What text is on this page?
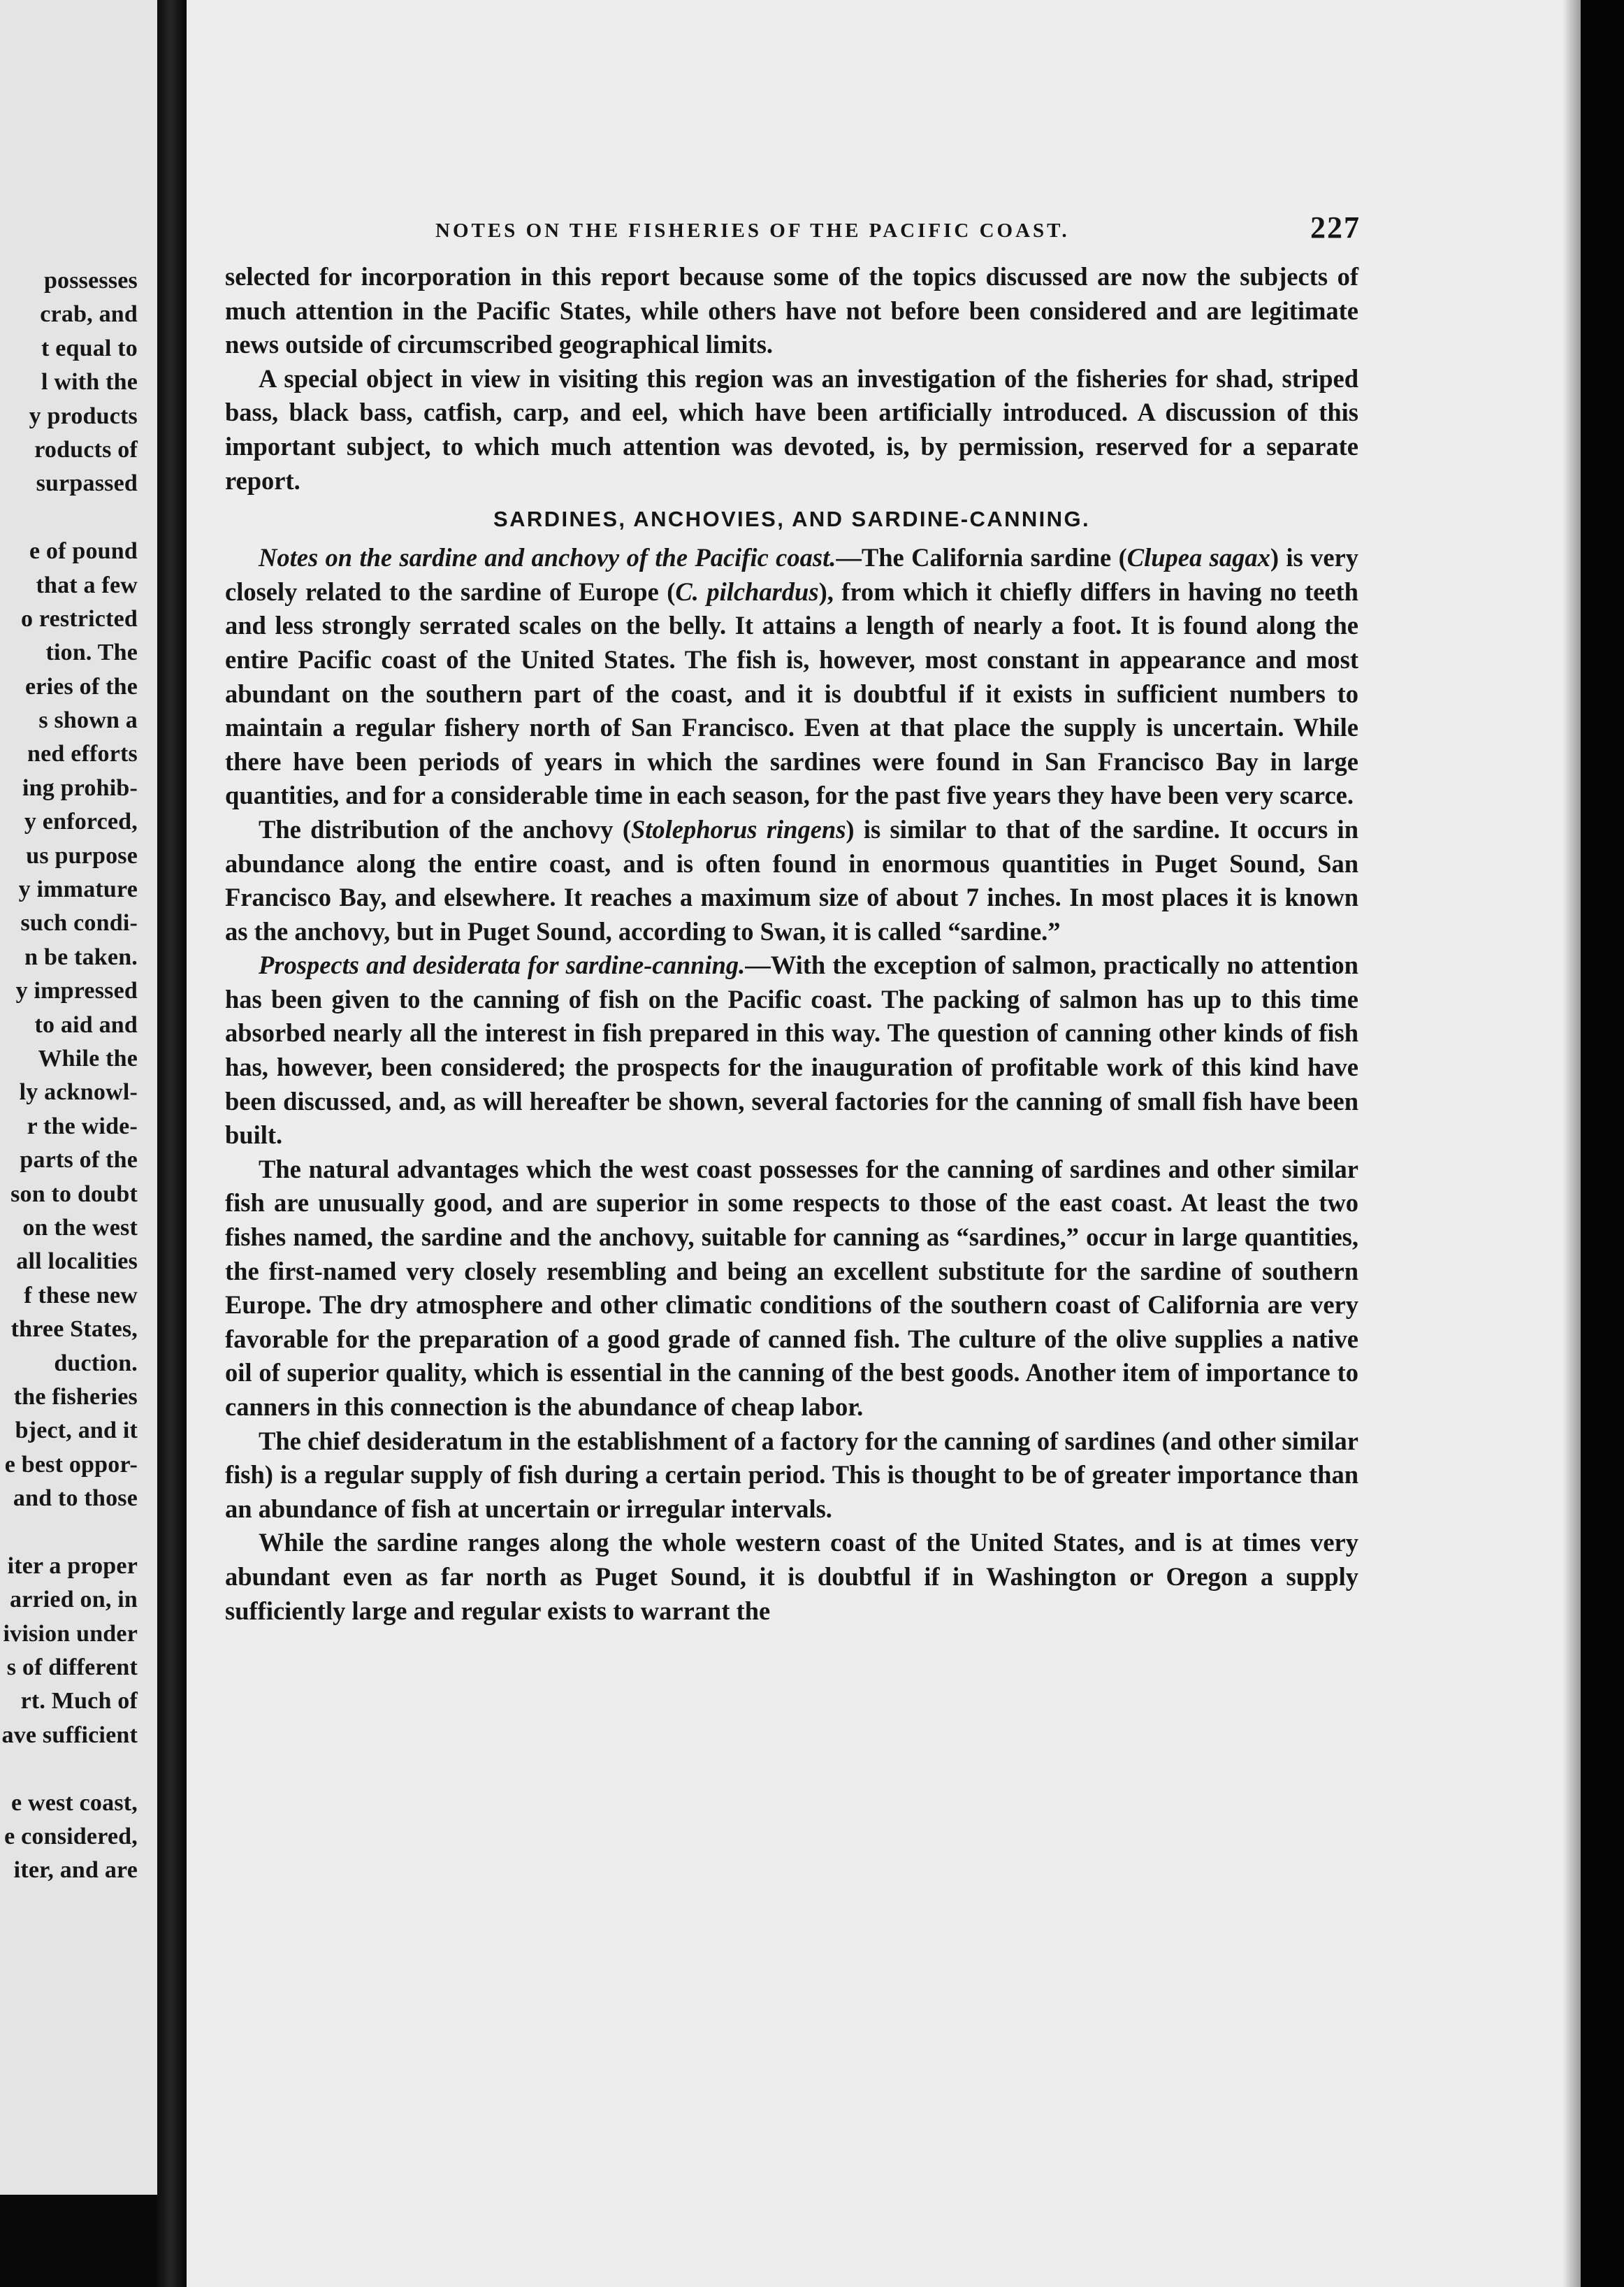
possesses
crab, and
t equal to
l with the
y products
roducts of
surpassed
e of pound
that a few
o restricted
tion. The
eries of the
s shown a
ned efforts
ing prohib-
y enforced,
us purpose
y immature
such condi-
n be taken.
y impressed
to aid and
While the
ly acknowl-
r the wide-
parts of the
son to doubt
on the west
all localities
f these new
three States,
duction.
the fisheries
bject, and it
e best oppor-
and to those
iter a proper
arried on, in
ivision under
s of different
rt. Much of
ave sufficient
e west coast,
e considered,
iter, and are
NOTES ON THE FISHERIES OF THE PACIFIC COAST.	227

selected for incorporation in this report because some of the topics discussed are now the subjects of much attention in the Pacific States, while others have not before been considered and are legitimate news outside of circumscribed geographical limits.

A special object in view in visiting this region was an investigation of the fisheries for shad, striped bass, black bass, catfish, carp, and eel, which have been artificially introduced. A discussion of this important subject, to which much attention was devoted, is, by permission, reserved for a separate report.

SARDINES, ANCHOVIES, AND SARDINE-CANNING.

Notes on the sardine and anchovy of the Pacific coast.—The California sardine (Clupea sagax) is very closely related to the sardine of Europe (C. pilchardus), from which it chiefly differs in having no teeth and less strongly serrated scales on the belly. It attains a length of nearly a foot. It is found along the entire Pacific coast of the United States. The fish is, however, most constant in appearance and most abundant on the southern part of the coast, and it is doubtful if it exists in sufficient numbers to maintain a regular fishery north of San Francisco. Even at that place the supply is uncertain. While there have been periods of years in which the sardines were found in San Francisco Bay in large quantities, and for a considerable time in each season, for the past five years they have been very scarce.

The distribution of the anchovy (Stolephorus ringens) is similar to that of the sardine. It occurs in abundance along the entire coast, and is often found in enormous quantities in Puget Sound, San Francisco Bay, and elsewhere. It reaches a maximum size of about 7 inches. In most places it is known as the anchovy, but in Puget Sound, according to Swan, it is called “sardine.”

Prospects and desiderata for sardine-canning.—With the exception of salmon, practically no attention has been given to the canning of fish on the Pacific coast. The packing of salmon has up to this time absorbed nearly all the interest in fish prepared in this way. The question of canning other kinds of fish has, however, been considered; the prospects for the inauguration of profitable work of this kind have been discussed, and, as will hereafter be shown, several factories for the canning of small fish have been built.

The natural advantages which the west coast possesses for the canning of sardines and other similar fish are unusually good, and are superior in some respects to those of the east coast. At least the two fishes named, the sardine and the anchovy, suitable for canning as “sardines,” occur in large quantities, the first-named very closely resembling and being an excellent substitute for the sardine of southern Europe. The dry atmosphere and other climatic conditions of the southern coast of California are very favorable for the preparation of a good grade of canned fish. The culture of the olive supplies a native oil of superior quality, which is essential in the canning of the best goods. Another item of importance to canners in this connection is the abundance of cheap labor.

The chief desideratum in the establishment of a factory for the canning of sardines (and other similar fish) is a regular supply of fish during a certain period. This is thought to be of greater importance than an abundance of fish at uncertain or irregular intervals.

While the sardine ranges along the whole western coast of the United States, and is at times very abundant even as far north as Puget Sound, it is doubtful if in Washington or Oregon a supply sufficiently large and regular exists to warrant the
